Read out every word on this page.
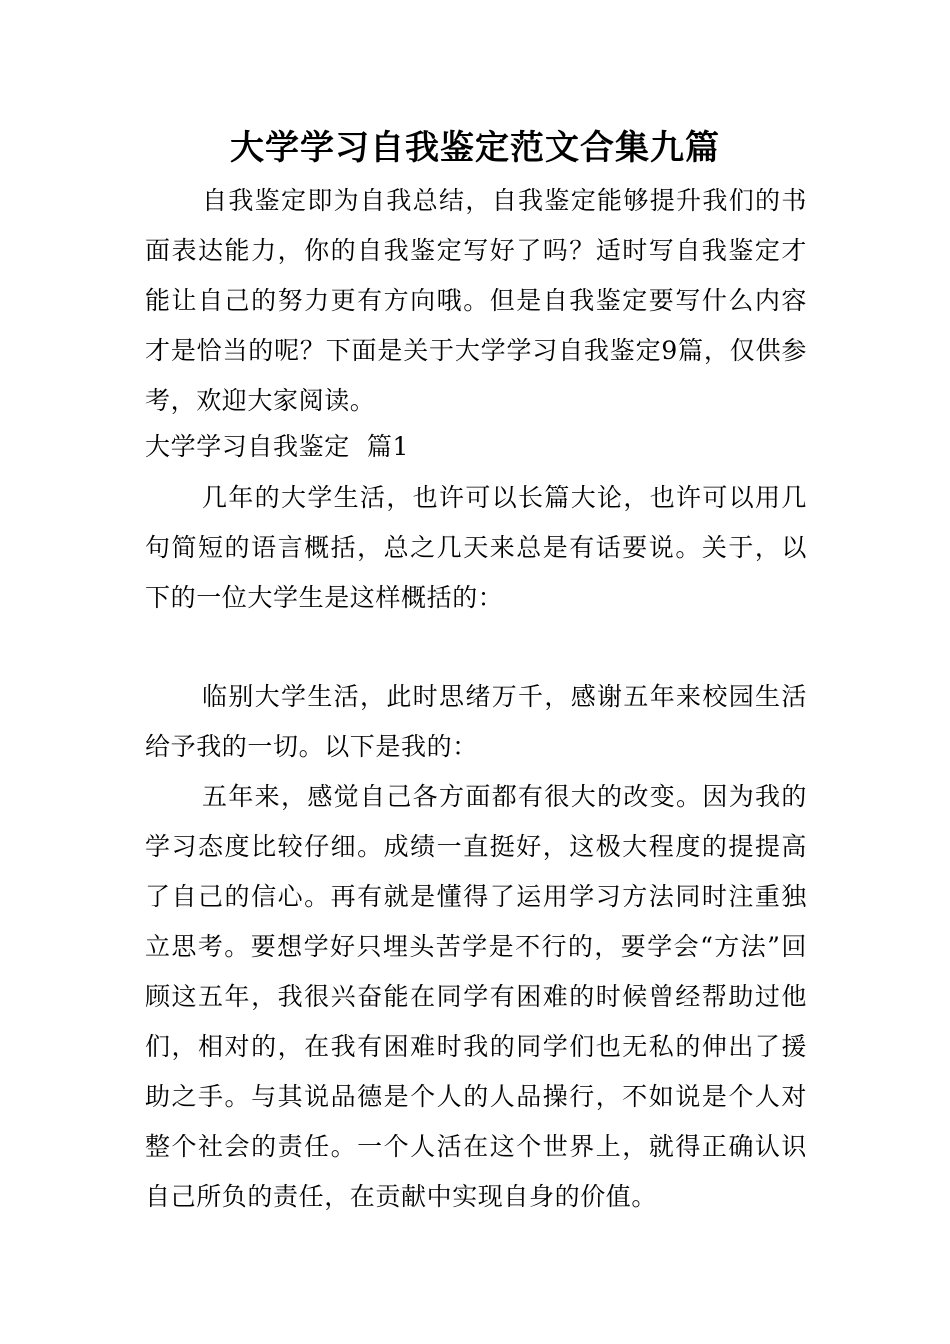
大学学习自我鉴定范文合集九篇
自我鉴定即为自我总结，自我鉴定能够提升我们的书面表达能力，你的自我鉴定写好了吗？适时写自我鉴定才能让自己的努力更有方向哦。但是自我鉴定要写什么内容才是恰当的呢？下面是关于大学学习自我鉴定9篇，仅供参考，欢迎大家阅读。
大学学习自我鉴定  篇1
几年的大学生活，也许可以长篇大论，也许可以用几句简短的语言概括，总之几天来总是有话要说。关于，以下的一位大学生是这样概括的：
临别大学生活，此时思绪万千，感谢五年来校园生活给予我的一切。以下是我的：
五年来，感觉自己各方面都有很大的改变。因为我的学习态度比较仔细。成绩一直挺好，这极大程度的提提高了自己的信心。再有就是懂得了运用学习方法同时注重独立思考。要想学好只埋头苦学是不行的，要学会“方法”回顾这五年，我很兴奋能在同学有困难的时候曾经帮助过他们，相对的，在我有困难时我的同学们也无私的伸出了援助之手。与其说品德是个人的人品操行，不如说是个人对整个社会的责任。一个人活在这个世界上，就得正确认识自己所负的责任，在贡献中实现自身的价值。
